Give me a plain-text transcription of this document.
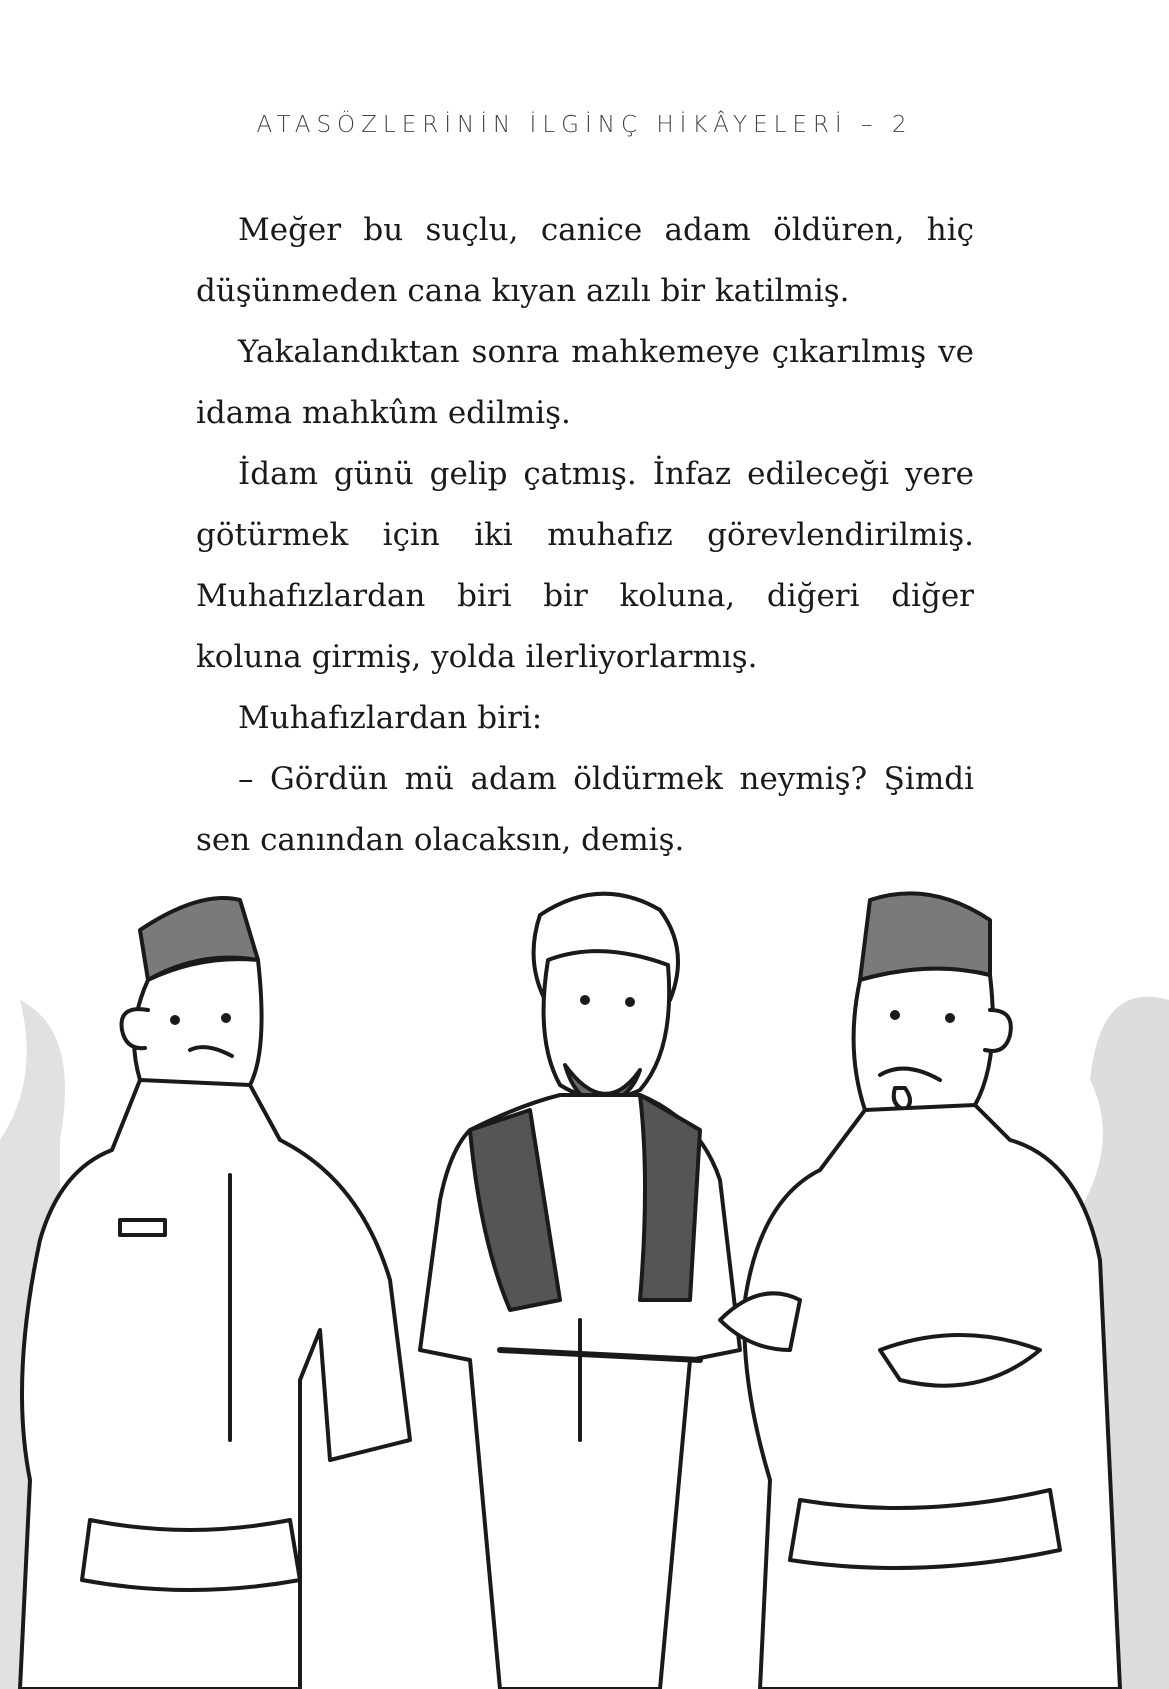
ATASÖZLERİNİN İLGİNÇ HİKÂYELERİ – 2

Meğer bu suçlu, canice adam öldüren, hiç düşünmeden cana kıyan azılı bir katilmiş.

Yakalandıktan sonra mahkemeye çıkarılmış ve idama mahkûm edilmiş.

İdam günü gelip çatmış. İnfaz edileceği yere götürmek için iki muhafız görevlendirilmiş. Muhafızlardan biri bir koluna, diğeri diğer koluna girmiş, yolda ilerliyorlarmış.

Muhafızlardan biri:

– Gördün mü adam öldürmek neymiş? Şimdi sen canından olacaksın, demiş.
